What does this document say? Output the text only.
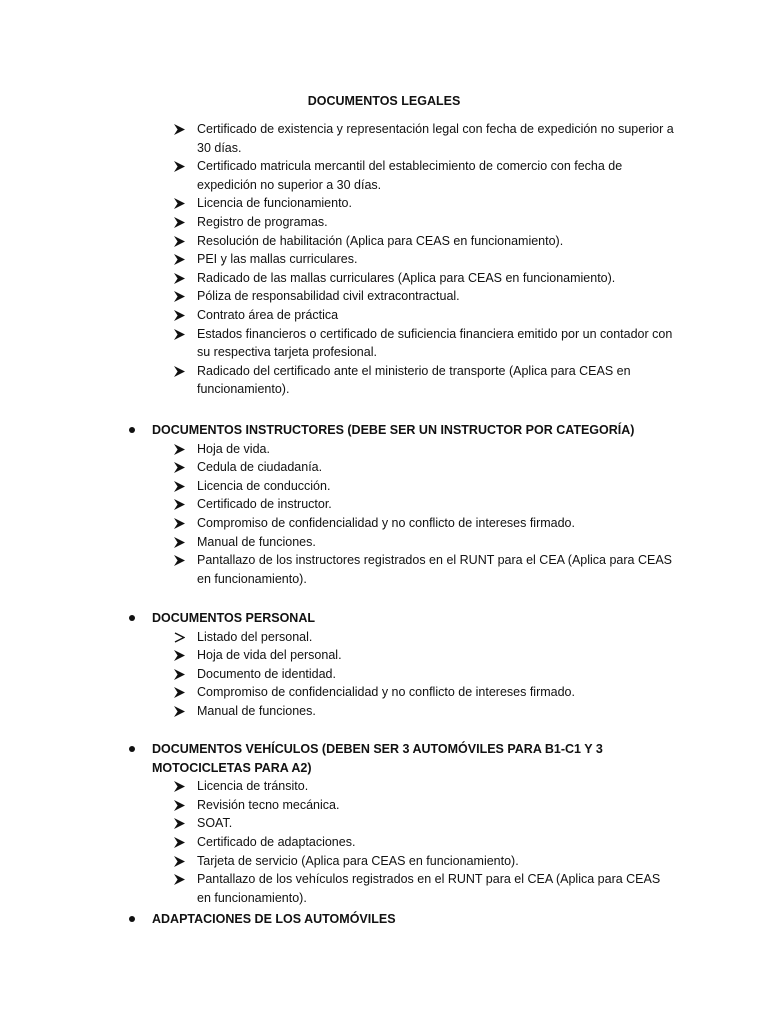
DOCUMENTOS LEGALES
Certificado de existencia y representación legal con fecha de expedición no superior a 30 días.
Certificado matricula mercantil del establecimiento de comercio con fecha de expedición no superior a 30 días.
Licencia de funcionamiento.
Registro de programas.
Resolución de habilitación (Aplica para CEAS en funcionamiento).
PEI y las mallas curriculares.
Radicado de las mallas curriculares (Aplica para CEAS en funcionamiento).
Póliza de responsabilidad civil extracontractual.
Contrato área de práctica
Estados financieros o certificado de suficiencia financiera emitido por un contador con su respectiva tarjeta profesional.
Radicado del certificado ante el ministerio de transporte (Aplica para CEAS en funcionamiento).
DOCUMENTOS INSTRUCTORES (DEBE SER UN INSTRUCTOR POR CATEGORÍA)
Hoja de vida.
Cedula de ciudadanía.
Licencia de conducción.
Certificado de instructor.
Compromiso de confidencialidad y no conflicto de intereses firmado.
Manual de funciones.
Pantallazo de los instructores registrados en el RUNT para el CEA (Aplica para CEAS en funcionamiento).
DOCUMENTOS PERSONAL
Listado del personal.
Hoja de vida del personal.
Documento de identidad.
Compromiso de confidencialidad y no conflicto de intereses firmado.
Manual de funciones.
DOCUMENTOS VEHÍCULOS (DEBEN SER 3 AUTOMÓVILES PARA B1-C1 Y 3 MOTOCICLETAS PARA A2)
Licencia de tránsito.
Revisión tecno mecánica.
SOAT.
Certificado de adaptaciones.
Tarjeta de servicio (Aplica para CEAS en funcionamiento).
Pantallazo de los vehículos registrados en el RUNT para el CEA (Aplica para CEAS en funcionamiento).
ADAPTACIONES DE LOS AUTOMÓVILES
